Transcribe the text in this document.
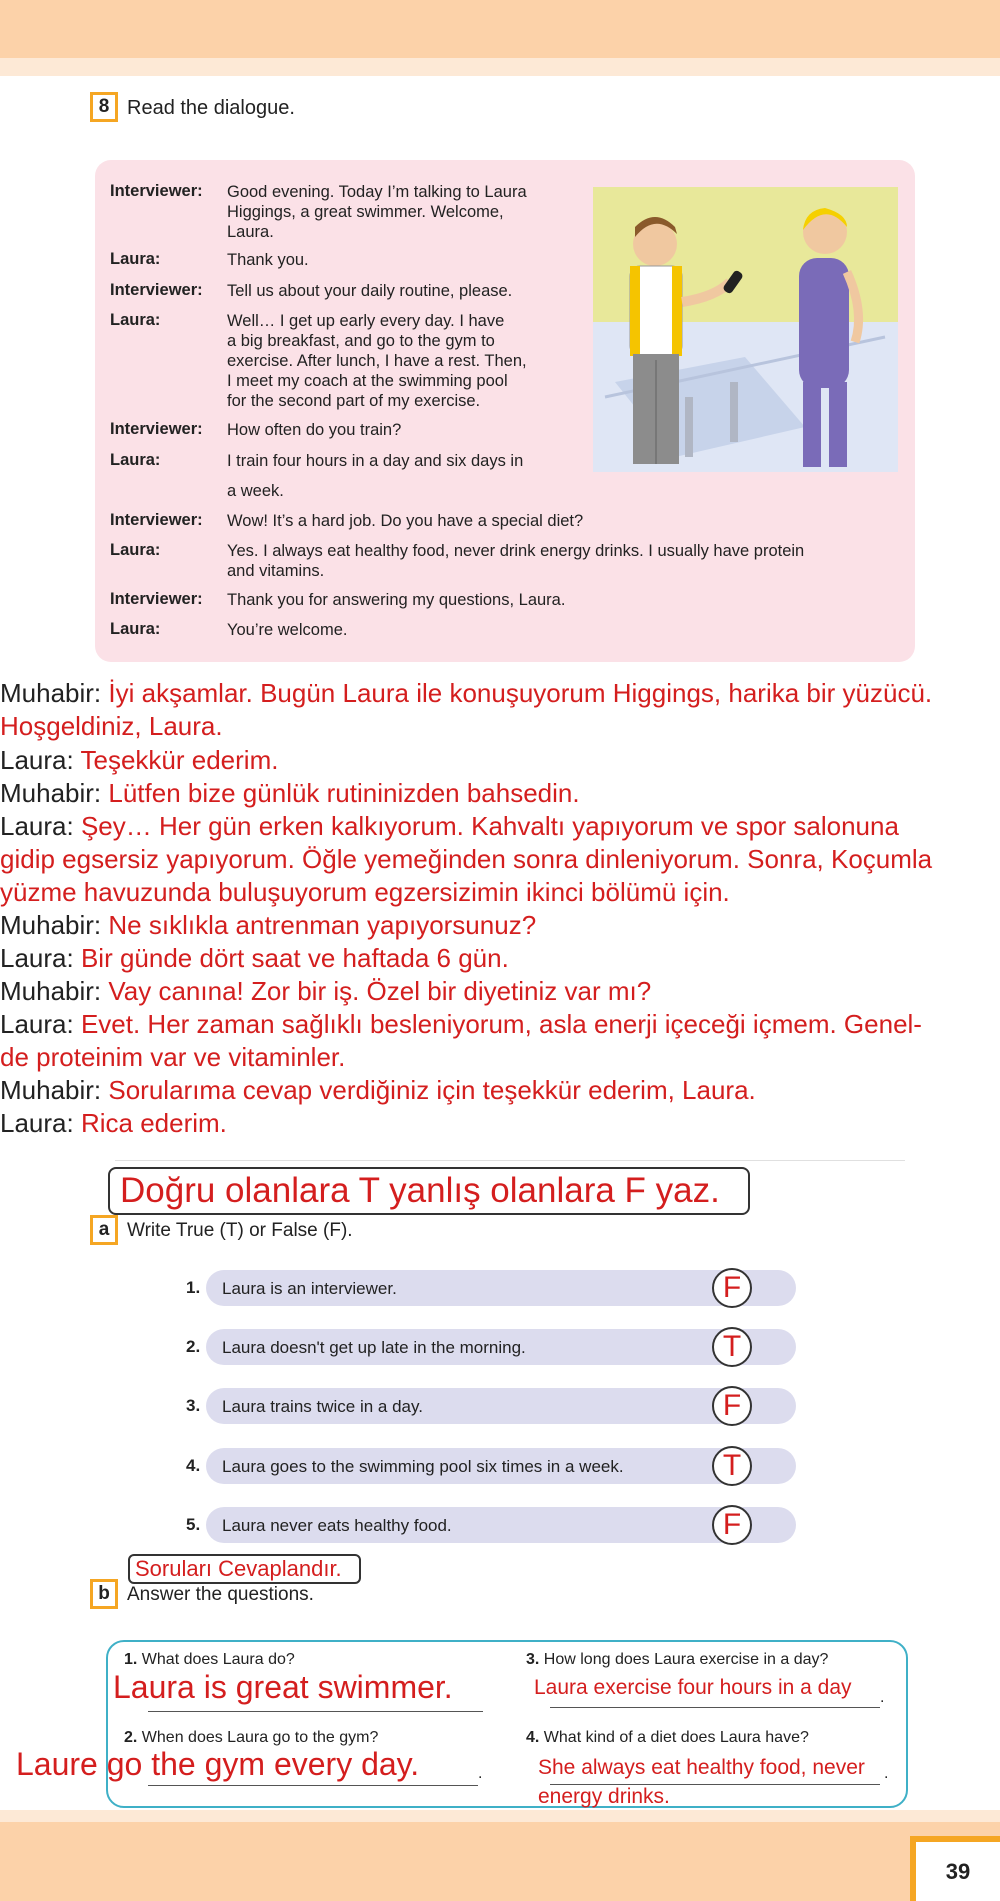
8 Read the dialogue.
Interviewer: Good evening. Today I’m talking to Laura
Higgings, a great swimmer. Welcome,
Laura.
Laura:	Thank you.
Interviewer: Tell us about your daily routine, please.
Laura:	Well… I get up early every day. I have
a big breakfast, and go to the gym to
exercise. After lunch, I have a rest. Then,
I meet my coach at the swimming pool
for the second part of my exercise.
Interviewer: How often do you train?
Laura:	I train four hours in a day and six days in
a week.
Interviewer: Wow! It’s a hard job. Do you have a special diet?
Laura:	Yes. I always eat healthy food, never drink energy drinks. I usually have protein
and vitamins.
Interviewer: Thank you for answering my questions, Laura.
Laura:	You’re welcome.
Muhabir: İyi akşamlar. Bugün Laura ile konuşuyorum Higgings, harika bir yüzücü.
Hoşgeldiniz, Laura.
Laura: Teşekkür ederim.
Muhabir: Lütfen bize günlük rutininizden bahsedin.
Laura: Şey… Her gün erken kalkıyorum. Kahvaltı yapıyorum ve spor salonuna
gidip egsersiz yapıyorum. Öğle yemeğinden sonra dinleniyorum. Sonra, Koçumla
yüzme havuzunda buluşuyorum egzersizimin ikinci bölümü için.
Muhabir: Ne sıklıkla antrenman yapıyorsunuz?
Laura: Bir günde dört saat ve haftada 6 gün.
Muhabir: Vay canına! Zor bir iş. Özel bir diyetiniz var mı?
Laura: Evet. Her zaman sağlıklı besleniyorum, asla enerji içeceği içmem. Genel-
de proteinim var ve vitaminler.
Muhabir: Sorularıma cevap verdiğiniz için teşekkür ederim, Laura.
Laura: Rica ederim.
Doğru olanlara T yanlış olanlara F yaz.
a Write True (T) or False (F).
1. Laura is an interviewer.	F
2. Laura doesn't get up late in the morning.	T
3. Laura trains twice in a day.	F
4. Laura goes to the swimming pool six times in a week.	T
5. Laura never eats healthy food.	F
Soruları Cevaplandır.
b Answer the questions.
1. What does Laura do?
Laura is great swimmer.
2. When does Laura go to the gym?
.
Laure go the gym every day.
3. How long does Laura exercise in a day?
.
Laura exercise four hours in a day
4. What kind of a diet does Laura have?
.
She always eat healthy food, never
energy drinks.
39
